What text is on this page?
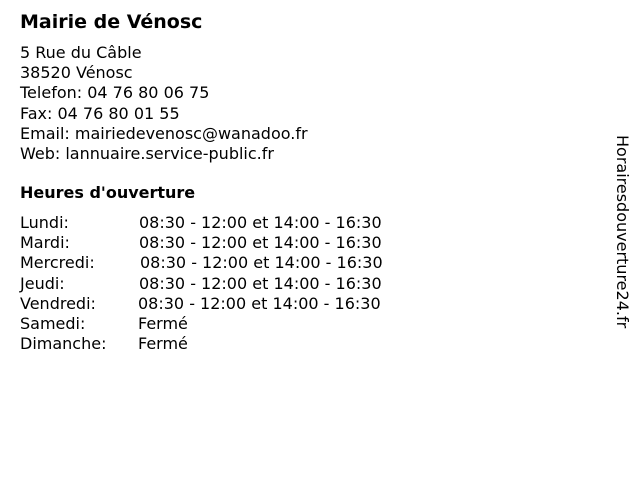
Mairie de Vénosc
5 Rue du Câble
38520 Vénosc
Telefon: 04 76 80 06 75
Fax: 04 76 80 01 55
Email: mairiedevenosc@wanadoo.fr
Web: lannuaire.service-public.fr
Heures d'ouverture
Lundi:	08:30 - 12:00 et 14:00 - 16:30
Mardi:	08:30 - 12:00 et 14:00 - 16:30
Mercredi:	08:30 - 12:00 et 14:00 - 16:30
Jeudi:	08:30 - 12:00 et 14:00 - 16:30
Vendredi:	08:30 - 12:00 et 14:00 - 16:30
Samedi:	Fermé
Dimanche: Fermé
Horairesdouverture24.fr
